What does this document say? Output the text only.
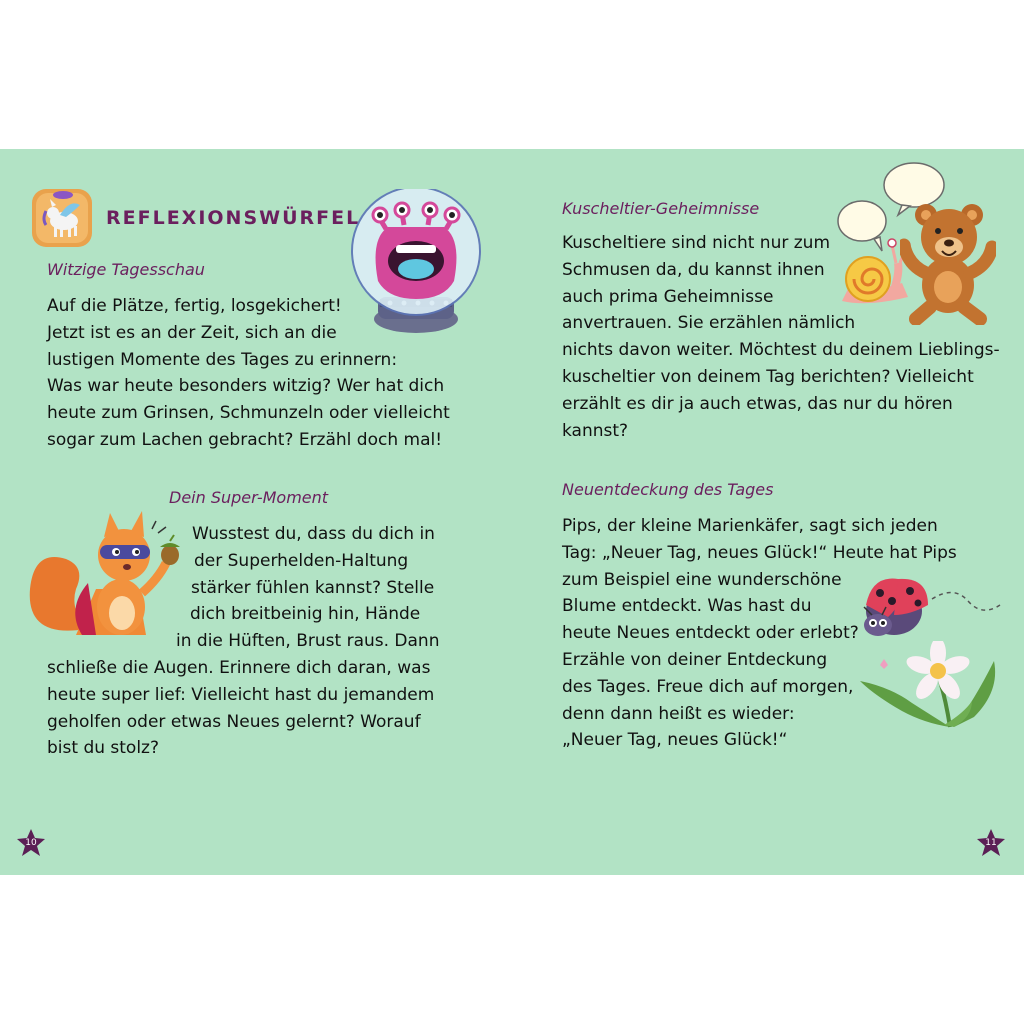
REFLEXIONSWÜRFEL
Witzige Tagesschau
Auf die Plätze, fertig, losgekichert!
Jetzt ist es an der Zeit, sich an die
lustigen Momente des Tages zu erinnern:
Was war heute besonders witzig? Wer hat dich
heute zum Grinsen, Schmunzeln oder vielleicht
sogar zum Lachen gebracht? Erzähl doch mal!
Dein Super-Moment
Wusstest du, dass du dich in
der Superhelden-Haltung
stärker fühlen kannst? Stelle
dich breitbeinig hin, Hände
in die Hüften, Brust raus. Dann
schließe die Augen. Erinnere dich daran, was
heute super lief: Vielleicht hast du jemandem
geholfen oder etwas Neues gelernt? Worauf
bist du stolz?
10
Kuscheltier-Geheimnisse
Kuscheltiere sind nicht nur zum
Schmusen da, du kannst ihnen
auch prima Geheimnisse
anvertrauen. Sie erzählen nämlich
nichts davon weiter. Möchtest du deinem Lieblings-
kuscheltier von deinem Tag berichten? Vielleicht
erzählt es dir ja auch etwas, das nur du hören
kannst?
Neuentdeckung des Tages
Pips, der kleine Marienkäfer, sagt sich jeden
Tag: „Neuer Tag, neues Glück!“ Heute hat Pips
zum Beispiel eine wunderschöne
Blume entdeckt. Was hast du
heute Neues entdeckt oder erlebt?
Erzähle von deiner Entdeckung
des Tages. Freue dich auf morgen,
denn dann heißt es wieder:
„Neuer Tag, neues Glück!“
11
